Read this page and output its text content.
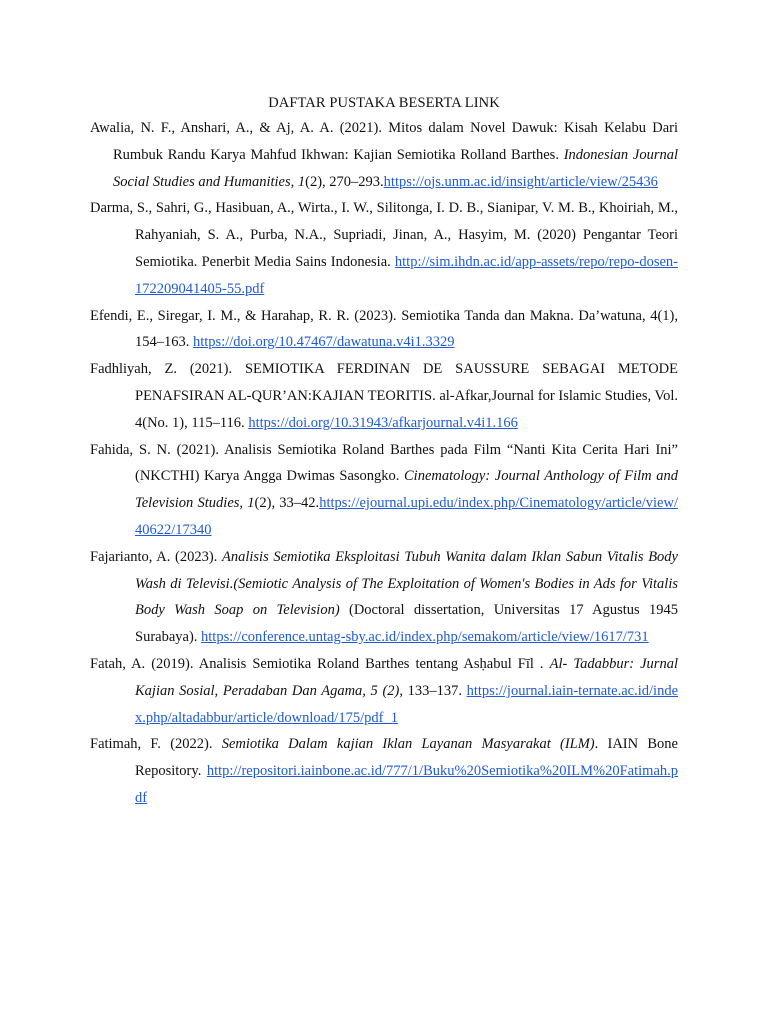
DAFTAR PUSTAKA BESERTA LINK

Awalia, N. F., Anshari, A., & Aj, A. A. (2021). Mitos dalam Novel Dawuk: Kisah Kelabu Dari Rumbuk Randu Karya Mahfud Ikhwan: Kajian Semiotika Rolland Barthes. Indonesian Journal Social Studies and Humanities, 1(2), 270–293.https://ojs.unm.ac.id/insight/article/view/25436

Darma, S., Sahri, G., Hasibuan, A., Wirta., I. W., Silitonga, I. D. B., Sianipar, V. M. B., Khoiriah, M., Rahyaniah, S. A., Purba, N.A., Supriadi, Jinan, A., Hasyim, M. (2020) Pengantar Teori Semiotika. Penerbit Media Sains Indonesia. http://sim.ihdn.ac.id/app-assets/repo/repo-dosen-172209041405-55.pdf

Efendi, E., Siregar, I. M., & Harahap, R. R. (2023). Semiotika Tanda dan Makna. Da’watuna, 4(1), 154–163. https://doi.org/10.47467/dawatuna.v4i1.3329

Fadhliyah, Z. (2021). SEMIOTIKA FERDINAN DE SAUSSURE SEBAGAI METODE PENAFSIRAN AL-QUR’AN:KAJIAN TEORITIS. al-Afkar,Journal for Islamic Studies, Vol. 4(No. 1), 115–116. https://doi.org/10.31943/afkarjournal.v4i1.166

Fahida, S. N. (2021). Analisis Semiotika Roland Barthes pada Film “Nanti Kita Cerita Hari Ini” (NKCTHI) Karya Angga Dwimas Sasongko. Cinematology: Journal Anthology of Film and Television Studies, 1(2), 33–42.https://ejournal.upi.edu/index.php/Cinematology/article/view/40622/17340

Fajarianto, A. (2023). Analisis Semiotika Eksploitasi Tubuh Wanita dalam Iklan Sabun Vitalis Body Wash di Televisi.(Semiotic Analysis of The Exploitation of Women's Bodies in Ads for Vitalis Body Wash Soap on Television) (Doctoral dissertation, Universitas 17 Agustus 1945 Surabaya). https://conference.untag-sby.ac.id/index.php/semakom/article/view/1617/731

Fatah, A. (2019). Analisis Semiotika Roland Barthes tentang Asḥabul Fīl . Al- Tadabbur: Jurnal Kajian Sosial, Peradaban Dan Agama, 5 (2), 133–137. https://journal.iain-ternate.ac.id/index.php/altadabbur/article/download/175/pdf_1

Fatimah, F. (2022). Semiotika Dalam kajian Iklan Layanan Masyarakat (ILM). IAIN Bone Repository. http://repositori.iainbone.ac.id/777/1/Buku%20Semiotika%20ILM%20Fatimah.pdf
